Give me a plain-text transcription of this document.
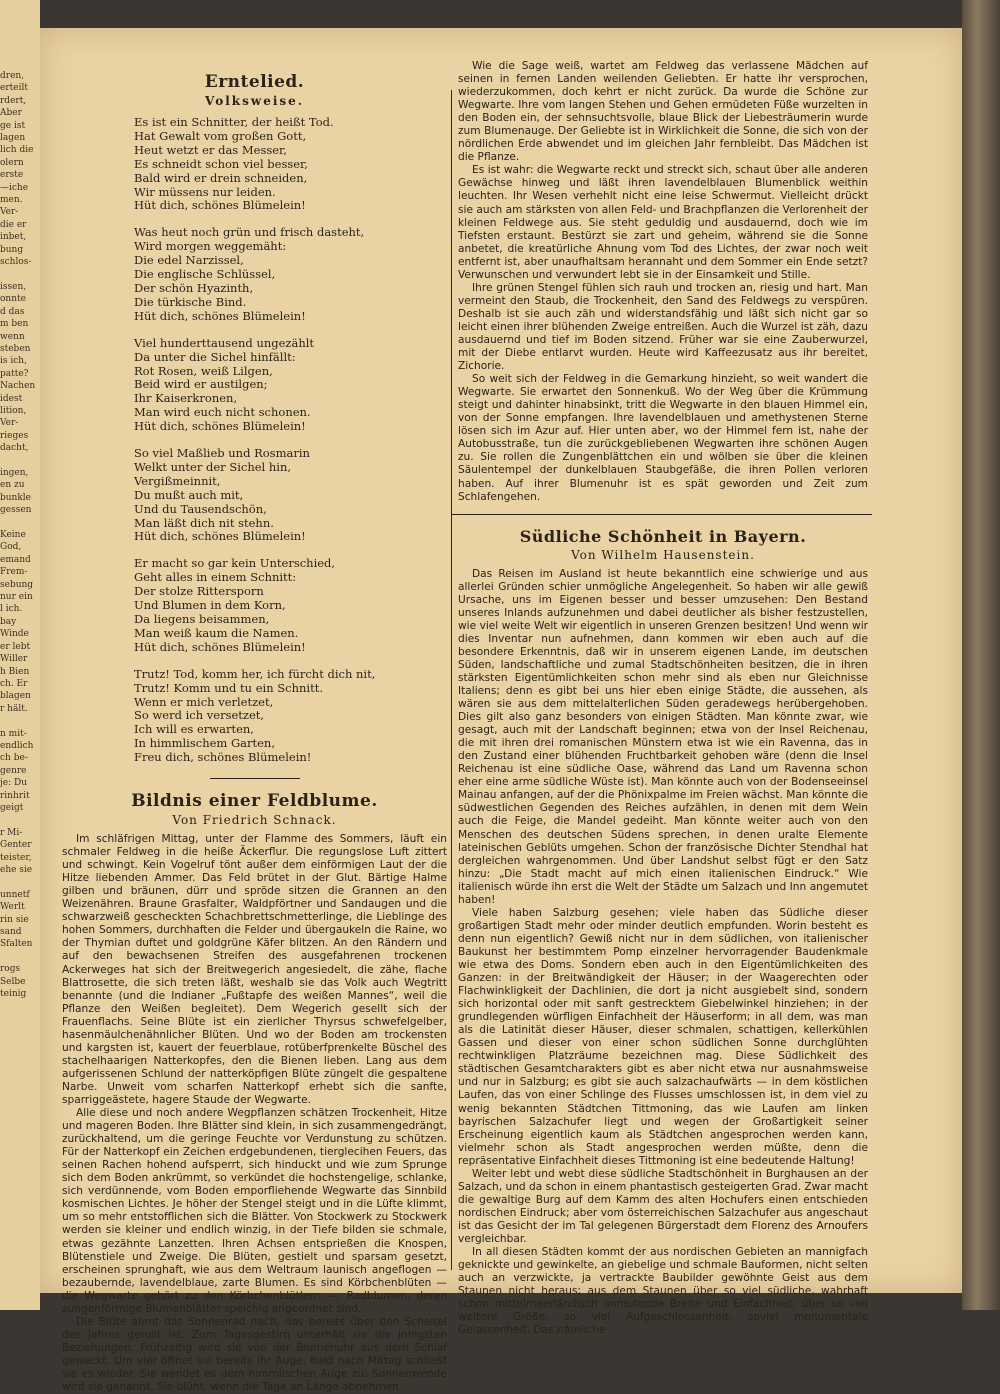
dren,
erteilt
rdert,
Aber
ge ist
lagen
lich die
olern
erste
—iche
men.
Ver-
die er
inbet,
bung
schlos-

issen,
onnte
d das
m ben
wenn
steben
is ich,
patte?
Nachen
idest
lition,
Ver-
rieges
dacht,

ingen,
en zu
bunkle
gessen

Keine
God,
emand
Frem-
sebung
nur ein
l ich.
bay
Winde
er lebt
Willer
h Bien
ch. Er
blagen
r hält.

n mit-
endlich
ch be-
genre
je: Du
rinhrit
geigt

r Mi-
Genter
teister,
ehe sie

unnetf
Werlt
rin sie
sand
Sfalten

rogs
Selbe
teinig
Erntelied.
Volksweise.
Es ist ein Schnitter, der heißt Tod.
Hat Gewalt vom großen Gott,
Heut wetzt er das Messer,
Es schneidt schon viel besser,
Bald wird er drein schneiden,
Wir müssens nur leiden.
Hüt dich, schönes Blümelein!
Was heut noch grün und frisch dasteht,
Wird morgen weggemäht:
Die edel Narzissel,
Die englische Schlüssel,
Der schön Hyazinth,
Die türkische Bind.
Hüt dich, schönes Blümelein!
Viel hunderttausend ungezählt
Da unter die Sichel hinfällt:
Rot Rosen, weiß Lilgen,
Beid wird er austilgen;
Ihr Kaiserkronen,
Man wird euch nicht schonen.
Hüt dich, schönes Blümelein!
So viel Maßlieb und Rosmarin
Welkt unter der Sichel hin,
Vergißmeinnit,
Du mußt auch mit,
Und du Tausendschön,
Man läßt dich nit stehn.
Hüt dich, schönes Blümelein!
Er macht so gar kein Unterschied,
Geht alles in einem Schnitt:
Der stolze Rittersporn
Und Blumen in dem Korn,
Da liegens beisammen,
Man weiß kaum die Namen.
Hüt dich, schönes Blümelein!
Trutz! Tod, komm her, ich fürcht dich nit,
Trutz! Komm und tu ein Schnitt.
Wenn er mich verletzet,
So werd ich versetzet,
Ich will es erwarten,
In himmlischem Garten,
Freu dich, schönes Blümelein!
Bildnis einer Feldblume.
Von Friedrich Schnack.

Im schläfrigen Mittag, unter der Flamme des Sommers, läuft ein schmaler Feldweg in die heiße Äckerflur. Die regungslose Luft zittert und schwingt. Kein Vogelruf tönt außer dem einförmigen Laut der die Hitze liebenden Ammer. Das Feld brütet in der Glut. Bärtige Halme gilben und bräunen, dürr und spröde sitzen die Grannen an den Weizenähren. Braune Grasfalter, Waldpförtner und Sandaugen und die schwarzweiß gescheckten Schachbrettschmetterlinge, die Lieblinge des hohen Sommers, durchhaften die Felder und übergaukeln die Raine, wo der Thymian duftet und goldgrüne Käfer blitzen. An den Rändern und auf den bewachsenen Streifen des ausgefahrenen trockenen Ackerweges hat sich der Breitwegerich angesiedelt, die zähe, flache Blattrosette, die sich treten läßt, weshalb sie das Volk auch Wegtritt benannte (und die Indianer „Fußtapfe des weißen Mannes“, weil die Pflanze den Weißen begleitet). Dem Wegerich gesellt sich der Frauenflachs. Seine Blüte ist ein zierlicher Thyrsus schwefelgelber, hasenmäulchenähnlicher Blüten. Und wo der Boden am trockensten und kargsten ist, kauert der feuerblaue, rotüberfprenkelte Büschel des stachelhaarigen Natterkopfes, den die Bienen lieben. Lang aus dem aufgerissenen Schlund der natterköpfigen Blüte züngelt die gespaltene Narbe. Unweit vom scharfen Natterkopf erhebt sich die sanfte, sparriggeästete, hagere Staude der Wegwarte.

Alle diese und noch andere Wegpflanzen schätzen Trockenheit, Hitze und mageren Boden. Ihre Blätter sind klein, in sich zusammengedrängt, zurückhaltend, um die geringe Feuchte vor Verdunstung zu schützen. Für der Natterkopf ein Zeichen erdgebundenen, tierglecihen Feuers, das seinen Rachen hohend aufsperrt, sich hinduckt und wie zum Sprunge sich dem Boden ankrümmt, so verkündet die hochstengelige, schlanke, sich verdünnende, vom Boden emporfliehende Wegwarte das Sinnbild kosmischen Lichtes. Je höher der Stengel steigt und in die Lüfte klimmt, um so mehr entstofflichen sich die Blätter. Von Stockwerk zu Stockwerk werden sie kleiner und endlich winzig, in der Tiefe bilden sie schmale, etwas gezähnte Lanzetten. Ihren Achsen entsprießen die Knospen, Blütenstiele und Zweige. Die Blüten, gestielt und sparsam gesetzt, erscheinen sprunghaft, wie aus dem Weltraum launisch angeflogen — bezaubernde, lavendelblaue, zarte Blumen. Es sind Körbchenblüten — die Wegwarte gehört zu den Körbchenblütlern —, Radblumen, deren zungenförmige Blumenblätter speichig angeordnet sind.

Die Blüte ahmt das Sonnenrad nach, das bereits über den Scheitel des Jahres gerollt ist. Zum Tagesgestirn unterhält sie die innigsten Beziehungen. Frühzeitig wird sie von der Blumenuhr aus dem Schlaf geweckt. Um vier öffnet sie bereits ihr Auge, bald nach Mittag schließt sie es wieder. Sie wendet es dem himmlischen Auge zu: Sonnenwende wird sie genannt. Sie blüht, wenn die Tage an Länge abnehmen.

Wie die Sage weiß, wartet am Feldweg das verlassene Mädchen auf seinen in fernen Landen weilenden Geliebten. Er hatte ihr versprochen, wiederzukommen, doch kehrt er nicht zurück. Da wurde die Schöne zur Wegwarte. Ihre vom langen Stehen und Gehen ermüdeten Füße wurzelten in den Boden ein, der sehnsuchtsvolle, blaue Blick der Liebesträumerin wurde zum Blumenauge. Der Geliebte ist in Wirklichkeit die Sonne, die sich von der nördlichen Erde abwendet und im gleichen Jahr fernbleibt. Das Mädchen ist die Pflanze.

Es ist wahr: die Wegwarte reckt und streckt sich, schaut über alle anderen Gewächse hinweg und läßt ihren lavendelblauen Blumenblick weithin leuchten. Ihr Wesen verhehlt nicht eine leise Schwermut. Vielleicht drückt sie auch am stärksten von allen Feld- und Brachpflanzen die Verlorenheit der kleinen Feldwege aus. Sie steht geduldig und ausdauernd, doch wie im Tiefsten erstaunt. Bestürzt sie zart und geheim, während sie die Sonne anbetet, die kreatürliche Ahnung vom Tod des Lichtes, der zwar noch weit entfernt ist, aber unaufhaltsam herannaht und dem Sommer ein Ende setzt? Verwunschen und verwundert lebt sie in der Einsamkeit und Stille.

Ihre grünen Stengel fühlen sich rauh und trocken an, riesig und hart. Man vermeint den Staub, die Trockenheit, den Sand des Feldwegs zu verspüren. Deshalb ist sie auch zäh und widerstandsfähig und läßt sich nicht gar so leicht einen ihrer blühenden Zweige entreißen. Auch die Wurzel ist zäh, dazu ausdauernd und tief im Boden sitzend. Früher war sie eine Zauberwurzel, mit der Diebe entlarvt wurden. Heute wird Kaffeezusatz aus ihr bereitet, Zichorie.

So weit sich der Feldweg in die Gemarkung hinzieht, so weit wandert die Wegwarte. Sie erwartet den Sonnenkuß. Wo der Weg über die Krümmung steigt und dahinter hinabsinkt, tritt die Wegwarte in den blauen Himmel ein, von der Sonne empfangen. Ihre lavendelblauen und amethystenen Sterne lösen sich im Azur auf. Hier unten aber, wo der Himmel fern ist, nahe der Autobusstraße, tun die zurückgebliebenen Wegwarten ihre schönen Augen zu. Sie rollen die Zungenblättchen ein und wölben sie über die kleinen Säulentempel der dunkelblauen Staubgefäße, die ihren Pollen verloren haben. Auf ihrer Blumenuhr ist es spät geworden und Zeit zum Schlafengehen.

Südliche Schönheit in Bayern.
Von Wilhelm Hausenstein.

Das Reisen im Ausland ist heute bekanntlich eine schwierige und aus allerlei Gründen schier unmögliche Angelegenheit. So haben wir alle gewiß Ursache, uns im Eigenen besser und besser umzusehen: Den Bestand unseres Inlands aufzunehmen und dabei deutlicher als bisher festzustellen, wie viel weite Welt wir eigentlich in unseren Grenzen besitzen! Und wenn wir dies Inventar nun aufnehmen, dann kommen wir eben auch auf die besondere Erkenntnis, daß wir in unserem eigenen Lande, im deutschen Süden, landschaftliche und zumal Stadtschönheiten besitzen, die in ihren stärksten Eigentümlichkeiten schon mehr sind als eben nur Gleichnisse Italiens; denn es gibt bei uns hier eben einige Städte, die aussehen, als wären sie aus dem mittelalterlichen Süden geradewegs herübergehoben. Dies gilt also ganz besonders von einigen Städten. Man könnte zwar, wie gesagt, auch mit der Landschaft beginnen; etwa von der Insel Reichenau, die mit ihren drei romanischen Münstern etwa ist wie ein Ravenna, das in den Zustand einer blühenden Fruchtbarkeit gehoben wäre (denn die Insel Reichenau ist eine südliche Oase, während das Land um Ravenna schon eher eine arme südliche Wüste ist). Man könnte auch von der Bodenseeinsel Mainau anfangen, auf der die Phönixpalme im Freien wächst. Man könnte die südwestlichen Gegenden des Reiches aufzählen, in denen mit dem Wein auch die Feige, die Mandel gedeiht. Man könnte weiter auch von den Menschen des deutschen Südens sprechen, in denen uralte Elemente lateinischen Geblüts umgehen. Schon der französische Dichter Stendhal hat dergleichen wahrgenommen. Und über Landshut selbst fügt er den Satz hinzu: „Die Stadt macht auf mich einen italienischen Eindruck.“ Wie italienisch würde ihn erst die Welt der Städte um Salzach und Inn angemutet haben!

Viele haben Salzburg gesehen; viele haben das Südliche dieser großartigen Stadt mehr oder minder deutlich empfunden. Worin besteht es denn nun eigentlich? Gewiß nicht nur in dem südlichen, von italienischer Baukunst her bestimmtem Pomp einzelner hervorragender Baudenkmale wie etwa des Doms. Sondern eben auch in den Eigentümlichkeiten des Ganzen: in der Breitwändigkeit der Häuser; in der Waagerechten oder Flachwinkligkeit der Dachlinien, die dort ja nicht ausgiebelt sind, sondern sich horizontal oder mit sanft gestrecktem Giebelwinkel hinziehen; in der grundlegenden würfligen Einfachheit der Häuserform; in all dem, was man als die Latinität dieser Häuser, dieser schmalen, schattigen, kellerkühlen Gassen und dieser von einer schon südlichen Sonne durchglühten rechtwinkligen Platzräume bezeichnen mag. Diese Südlichkeit des städtischen Gesamtcharakters gibt es aber nicht etwa nur ausnahmsweise und nur in Salzburg; es gibt sie auch salzachaufwärts — in dem köstlichen Laufen, das von einer Schlinge des Flusses umschlossen ist, in dem viel zu wenig bekannten Städtchen Tittmoning, das wie Laufen am linken bayrischen Salzachufer liegt und wegen der Großartigkeit seiner Erscheinung eigentlich kaum als Städtchen angesprochen werden kann, vielmehr schon als Stadt angesprochen werden müßte, denn die repräsentative Einfachheit dieses Tittmoning ist eine bedeutende Haltung!

Weiter lebt und webt diese südliche Stadtschönheit in Burghausen an der Salzach, und da schon in einem phantastisch gesteigerten Grad. Zwar macht die gewaltige Burg auf dem Kamm des alten Hochufers einen entschieden nordischen Eindruck; aber vom österreichischen Salzachufer aus angeschaut ist das Gesicht der im Tal gelegenen Bürgerstadt dem Florenz des Arnoufers vergleichbar.

In all diesen Städten kommt der aus nordischen Gebieten an mannigfach geknickte und gewinkelte, an giebelige und schmale Bauformen, nicht selten auch an verzwickte, ja vertrackte Baubilder gewöhnte Geist aus dem Staunen nicht heraus; aus dem Staunen über so viel südliche, wahrhaft schon mittelmeerländisch anmutende Breite und Einfachheit, über so viel weitere Größe, so viel Aufgeschlossenheit, soviel monumentale Gelassenheit. Das nämliche
